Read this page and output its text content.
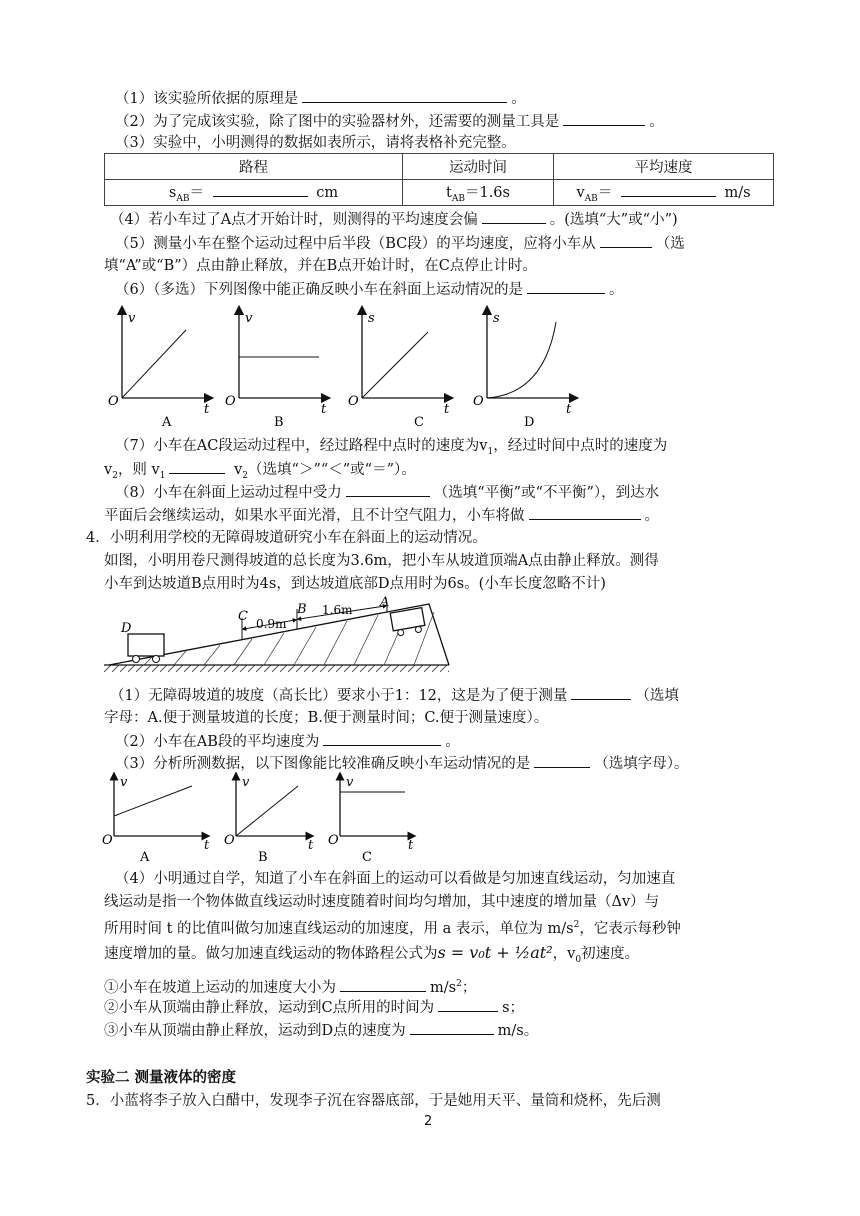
（1）该实验所依据的原理是	。
（2）为了完成该实验，除了图中的实验器材外，还需要的测量工具是	。
（3）实验中，小明测得的数据如表所示，请将表格补充完整。
路程	运动时间	平均速度
$s_{AB}=$ cm	$t_{AB}=1.6s$	$v_{AB}= m/s$
（4）若小车过了A点才开始计时，则测得的平均速度会偏	。(选填“大”或“小”)
（5）测量小车在整个运动过程中后半段（BC段）的平均速度，应将小车从	（选
填“A”或“B”）点由静止释放，并在B点开始计时，在C点停止计时。
（6）（多选）下列图像中能正确反映小车在斜面上运动情况的是	。
v
t
O
A
v
t
O
B
s
t
O
C
s
t
O
D
（7）小车在AC段运动过程中，经过路程中点时的速度为$v_1$，经过时间中点时的速度为
$v_2$，则 $v_1$	$v_2$（选填“＞”“＜”或“＝”）。
（8）小车在斜面上运动过程中受力	（选填“平衡”或“不平衡”），到达水
平面后会继续运动，如果水平面光滑，且不计空气阻力，小车将做	。
4．小明利用学校的无障碍坡道研究小车在斜面上的运动情况。
如图，小明用卷尺测得坡道的总长度为3.6m，把小车从坡道顶端A点由静止释放。测得
小车到达坡道B点用时为4s，到达坡道底部D点用时为6s。(小车长度忽略不计)
D
A
C	B
0.9m
1.6m
（1）无障碍坡道的坡度（高长比）要求小于1：12，这是为了便于测量	（选填
字母：A.便于测量坡道的长度；B.便于测量时间；C.便于测量速度）。
（2）小车在AB段的平均速度为	。
（3）分析所测数据，以下图像能比较准确反映小车运动情况的是	（选填字母）。
v
t
O
A
v
t
O
B
v
t
O
C
（4）小明通过自学，知道了小车在斜面上的运动可以看做是匀加速直线运动，匀加速直
线运动是指一个物体做直线运动时速度随着时间均匀增加，其中速度的增加量（Δv）与
所用时间 t 的比值叫做匀加速直线运动的加速度，用 a 表示，单位为 $m/s^2$，它表示每秒钟
速度增加的量。做匀加速直线运动的物体路程公式为s = v₀t + ½at²，$v_0$初速度。
①小车在坡道上运动的加速度大小为	$m/s^2$；
②小车从顶端由静止释放，运动到C点所用的时间为	s；
③小车从顶端由静止释放，运动到D点的速度为	m/s。
实验二 测量液体的密度
5．小蓝将李子放入白醋中，发现李子沉在容器底部，于是她用天平、量筒和烧杯，先后测
2
